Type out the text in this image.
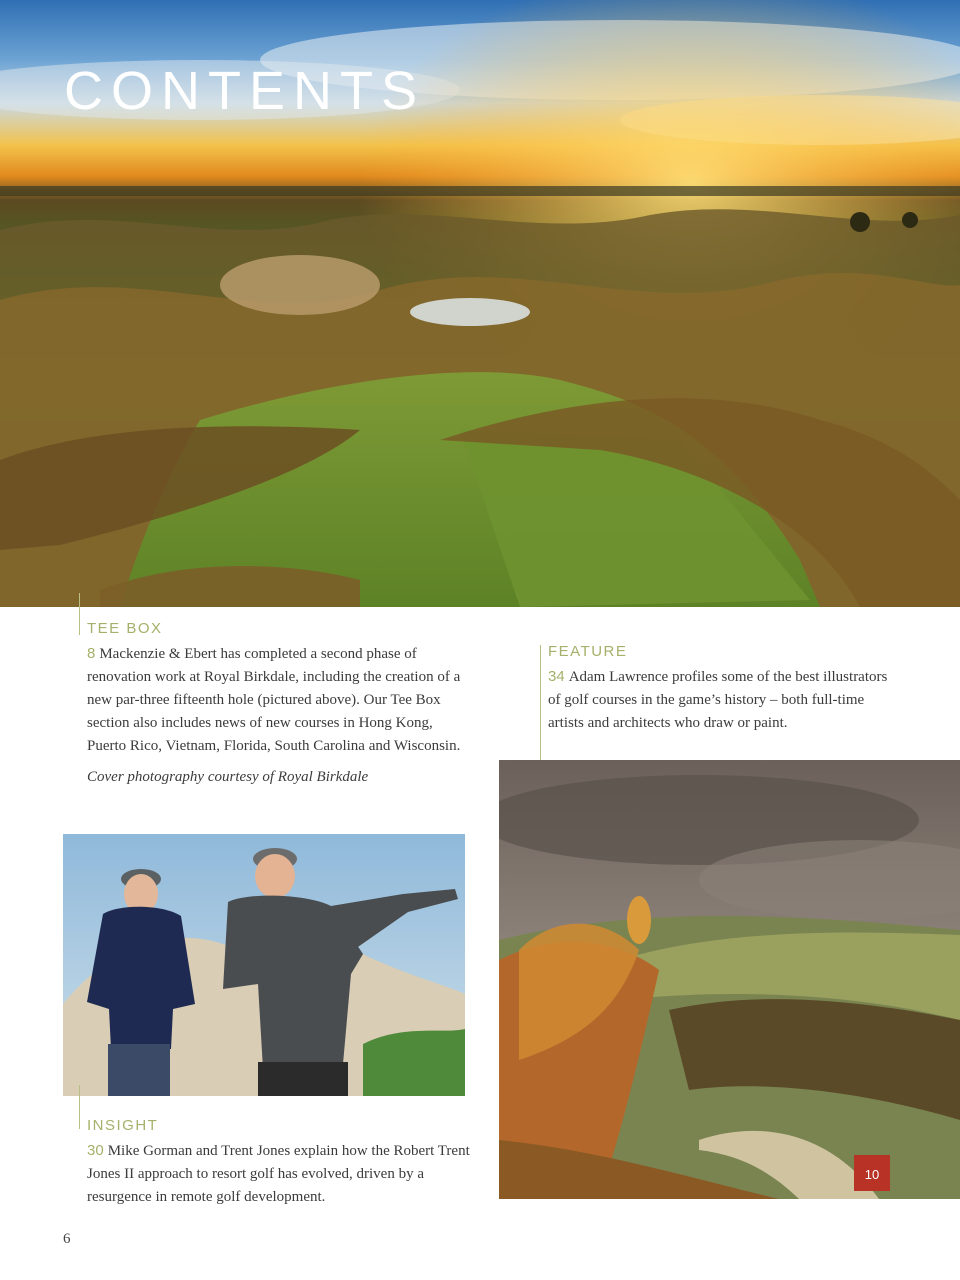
CONTENTS

TEE BOX

8 Mackenzie & Ebert has completed a second phase of renovation work at Royal Birkdale, including the creation of a new par-three fifteenth hole (pictured above). Our Tee Box section also includes news of new courses in Hong Kong, Puerto Rico, Vietnam, Florida, South Carolina and Wisconsin.

Cover photography courtesy of Royal Birkdale

FEATURE

34 Adam Lawrence profiles some of the best illustrators of golf courses in the game’s history – both full-time artists and architects who draw or paint.

INSIGHT

30 Mike Gorman and Trent Jones explain how the Robert Trent Jones II approach to resort golf has evolved, driven by a resurgence in remote golf development.

10
6
